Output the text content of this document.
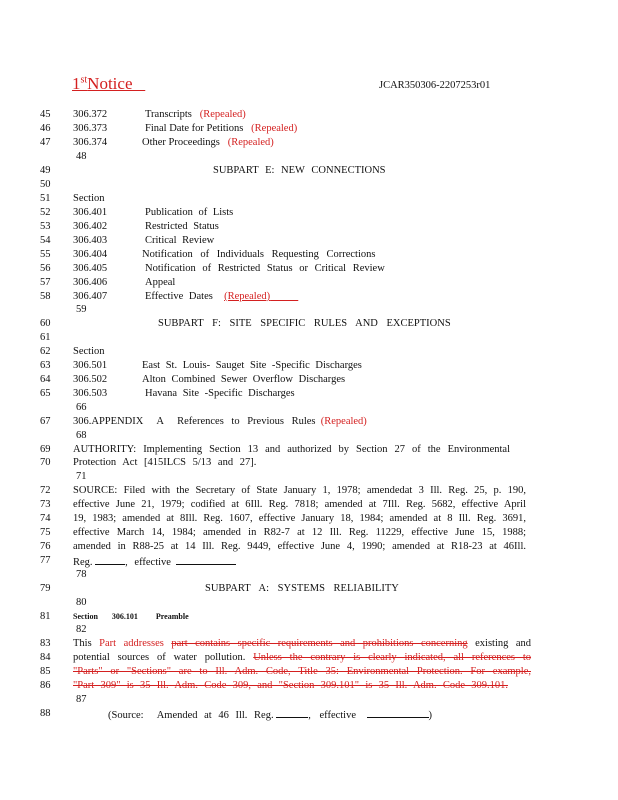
1stNotice	JCAR350306-2207253r01
45
46
47
48
49
50
51
52
53
54
55
56
57
58
59
60
61
62
63
64
65
66
67
68
69
70
71
72
73
74
75
76
77
78
79
80
81
82
83
84
85
86
87
88
306.372	Transcripts (Repealed)
306.373	Final Date for Petitions (Repealed)
306.374	Other Proceedings (Repealed)
SUBPART E: NEW CONNECTIONS
Section
306.401	Publication of Lists
306.402	Restricted Status
306.403	Critical Review
306.404	Notification of Individuals Requesting Corrections
306.405	Notification of Restricted Status or Critical Review
306.406	Appeal
306.407	Effective Dates (Repealed)
SUBPART F: SITE SPECIFIC RULES AND EXCEPTIONS
Section
306.501	East St. Louis- Sauget Site -Specific Discharges
306.502	Alton Combined Sewer Overflow Discharges
306.503	Havana Site -Specific Discharges
306.APPENDIX A References to Previous Rules (Repealed)
AUTHORITY: Implementing Section 13 and authorized by Section 27 of the Environmental
Protection Act [415ILCS 5/13 and 27].
SOURCE: Filed with the Secretary of State January 1, 1978; amendedat 3 Ill. Reg. 25, p. 190,
effective June 21, 1979; codified at 6Ill. Reg. 7818; amended at 7Ill. Reg. 5682, effective April
19, 1983; amended at 8Ill. Reg. 1607, effective January 18, 1984; amended at 8 Ill. Reg. 3691,
effective March 14, 1984; amended in R82-7 at 12 Ill. Reg. 11229, effective June 15, 1988;
amended in R88-25 at 14 Ill. Reg. 9449, effective June 4, 1990; amended at R18-23 at 46Ill.
Reg.	, effective
SUBPART A: SYSTEMS RELIABILITY
Section 306.101 Preamble
This Part addresses part contains specific requirements and prohibitions concerning existing and
potential sources of water pollution. Unless the contrary is clearly indicated, all references to
"Parts" or "Sections" are to Ill. Adm. Code, Title 35: Environmental Protection. For example,
"Part 309" is 35 Ill. Adm. Code 309, and "Section 309.101" is 35 Ill. Adm. Code 309.101.
(Source: Amended at 46 Ill. Reg.	, effective	)
